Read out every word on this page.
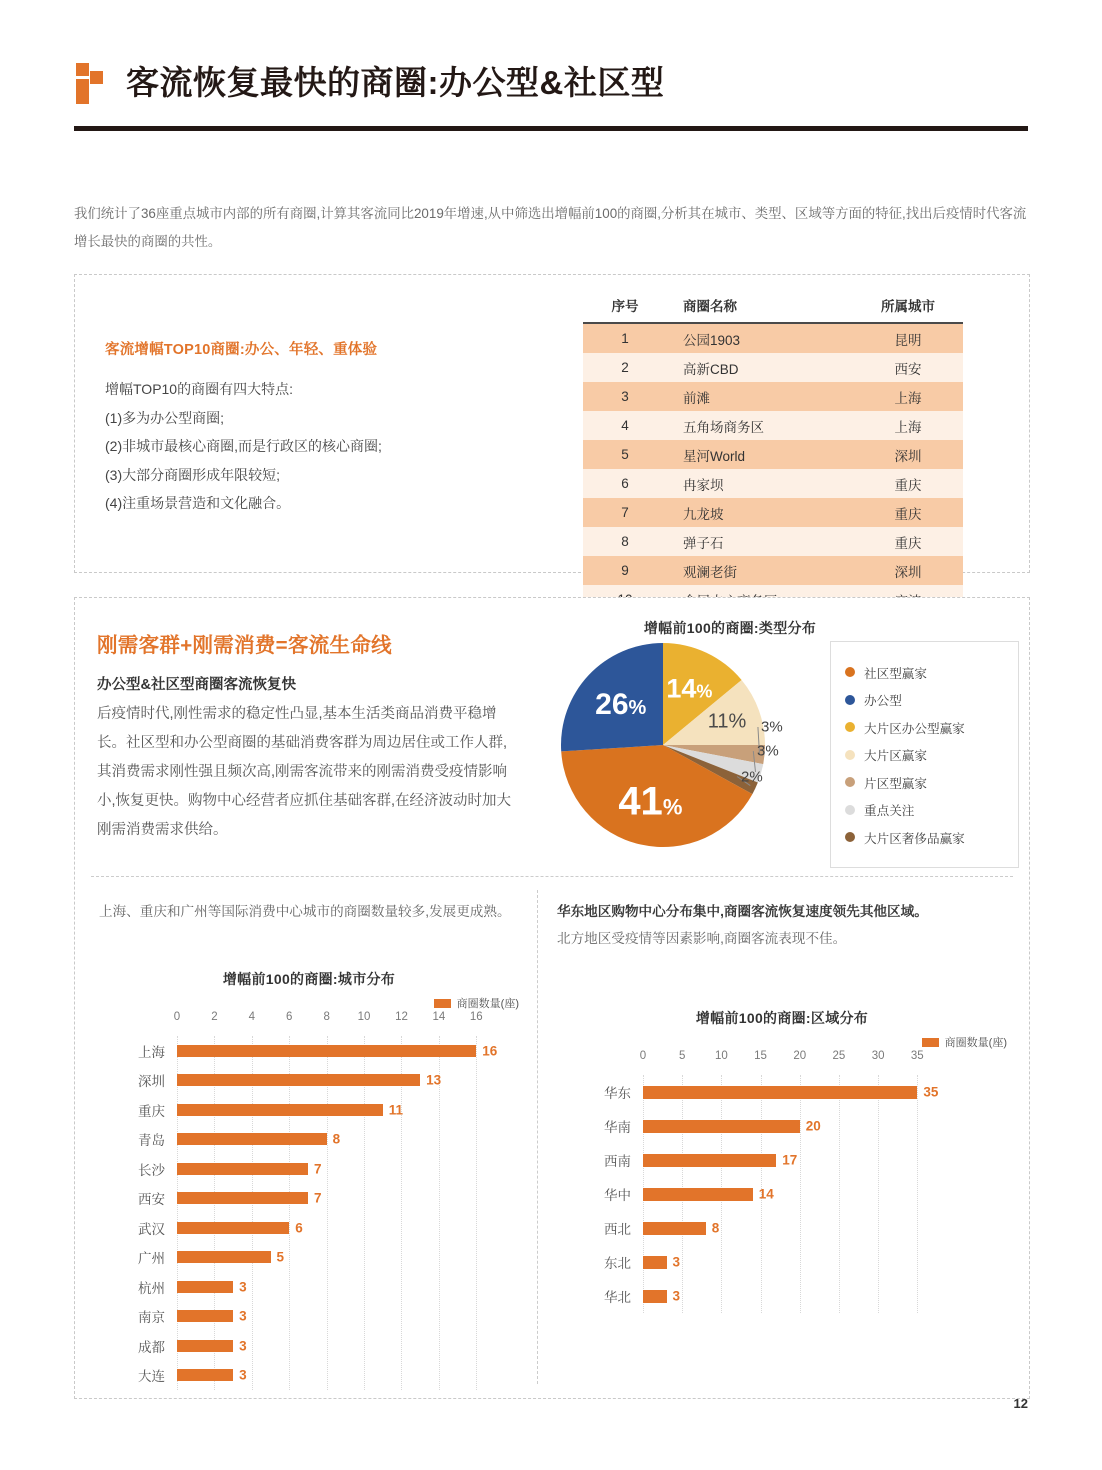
客流恢复最快的商圈:办公型&社区型
我们统计了36座重点城市内部的所有商圈,计算其客流同比2019年增速,从中筛选出增幅前100的商圈,分析其在城市、类型、区域等方面的特征,找出后疫情时代客流增长最快的商圈的共性。
客流增幅TOP10商圈:办公、年轻、重体验
增幅TOP10的商圈有四大特点:
(1)多为办公型商圈;
(2)非城市最核心商圈,而是行政区的核心商圈;
(3)大部分商圈形成年限较短;
(4)注重场景营造和文化融合。
序号	商圈名称	所属城市
1	公园1903	昆明
2	高新CBD	西安
3	前滩	上海
4	五角场商务区	上海
5	星河World	深圳
6	冉家坝	重庆
7	九龙坡	重庆
8	弹子石	重庆
9	观澜老街	深圳

刚需客群+刚需消费=客流生命线
办公型&社区型商圈客流恢复快
后疫情时代,刚性需求的稳定性凸显,基本生活类商品消费平稳增长。社区型和办公型商圈的基础消费客群为周边居住或工作人群,其消费需求刚性强且频次高,刚需客流带来的刚需消费受疫情影响小,恢复更快。购物中心经营者应抓住基础客群,在经济波动时加大刚需消费需求供给。
增幅前100的商圈:类型分布
41%
26%
14%
11% 3%
3%
2%
社区型赢家
办公型
大片区办公型赢家
大片区赢家
片区型赢家
重点关注
大片区奢侈品赢家
上海、重庆和广州等国际消费中心城市的商圈数量较多,发展更成熟。
增幅前100的商圈:城市分布
商圈数量(座)
0	2	4	6	8 10 12 14 16
上海	16
深圳	13
重庆	11
青岛	8
长沙	7
西安	7
武汉	6
广州	5
杭州	3
南京	3
成都	3
大连	3
华东地区购物中心分布集中,商圈客流恢复速度领先其他区域。
北方地区受疫情等因素影响,商圈客流表现不佳。
增幅前100的商圈:区域分布
商圈数量(座)
0	5	10 15 20 25 30 35
华东	35
华南	20
西南	17
华中	14
西北	8
东北	3
华北	3
12
